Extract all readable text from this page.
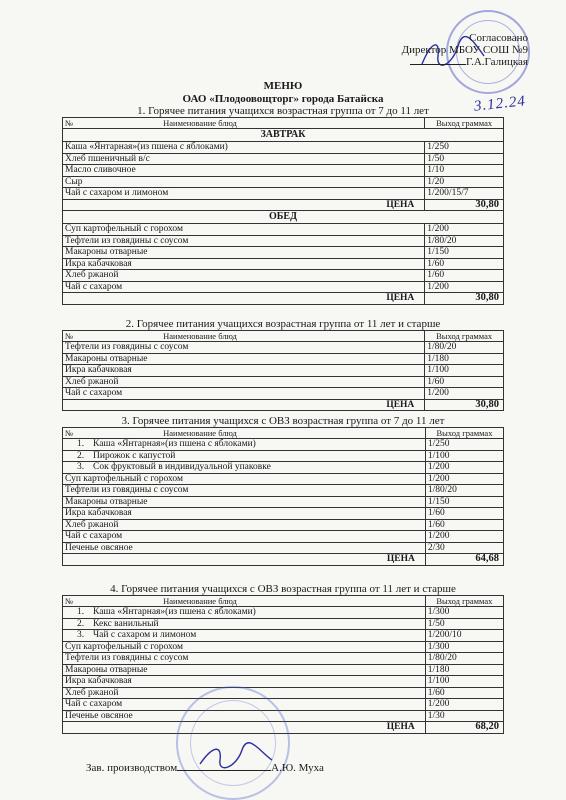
Согласовано
Директор МБОУ СОШ №9
Г.А.Галицкая
3.12.24
МЕНЮ
ОАО «Плодоовощторг» города Батайска
1. Горячее питания учащихся возрастная группа от 7 до 11 лет
№ Наименование блюд	Выход граммах
ЗАВТРАК	
Каша «Янтарная»(из пшена с яблоками)	1/250
Хлеб пшеничный в/с	1/50
Масло сливочное	1/10
Сыр	1/20
Чай с сахаром и лимоном	1/200/15/7
ЦЕНА	30,80
ОБЕД	
Суп картофельный с горохом	1/200
Тефтели из говядины с соусом	1/80/20
Макароны отварные	1/150
Икра кабачковая	1/60
Хлеб ржаной	1/60
Чай с сахаром	1/200
ЦЕНА	30,80
2. Горячее питания учащихся возрастная группа от 11 лет и старше
№ Наименование блюд	Выход граммах
Тефтели из говядины с соусом	1/80/20
Макароны отварные	1/180
Икра кабачковая	1/100
Хлеб ржаной	1/60
Чай с сахаром	1/200
ЦЕНА	30,80
3. Горячее питания учащихся с ОВЗ возрастная группа от 7 до 11 лет
№ Наименование блюд	Выход граммах
1. Каша «Янтарная»(из пшена с яблоками)	1/250
2. Пирожок с капустой	1/100
3. Сок фруктовый в индивидуальной упаковке	1/200
Суп картофельный с горохом	1/200
Тефтели из говядины с соусом	1/80/20
Макароны отварные	1/150
Икра кабачковая	1/60
Хлеб ржаной	1/60
Чай с сахаром	1/200
Печенье овсяное	2/30
ЦЕНА	64,68
4. Горячее питания учащихся с ОВЗ возрастная группа от 11 лет и старше
№ Наименование блюд	Выход граммах
1. Каша «Янтарная»(из пшена с яблоками)	1/300
2. Кекс ванильный	1/50
3. Чай с сахаром и лимоном	1/200/10
Суп картофельный с горохом	1/300
Тефтели из говядины с соусом	1/80/20
Макароны отварные	1/180
Икра кабачковая	1/100
Хлеб ржаной	1/60
Чай с сахаром	1/200
Печенье овсяное	1/30
ЦЕНА	68,20
Зав. производством	А.Ю. Муха
